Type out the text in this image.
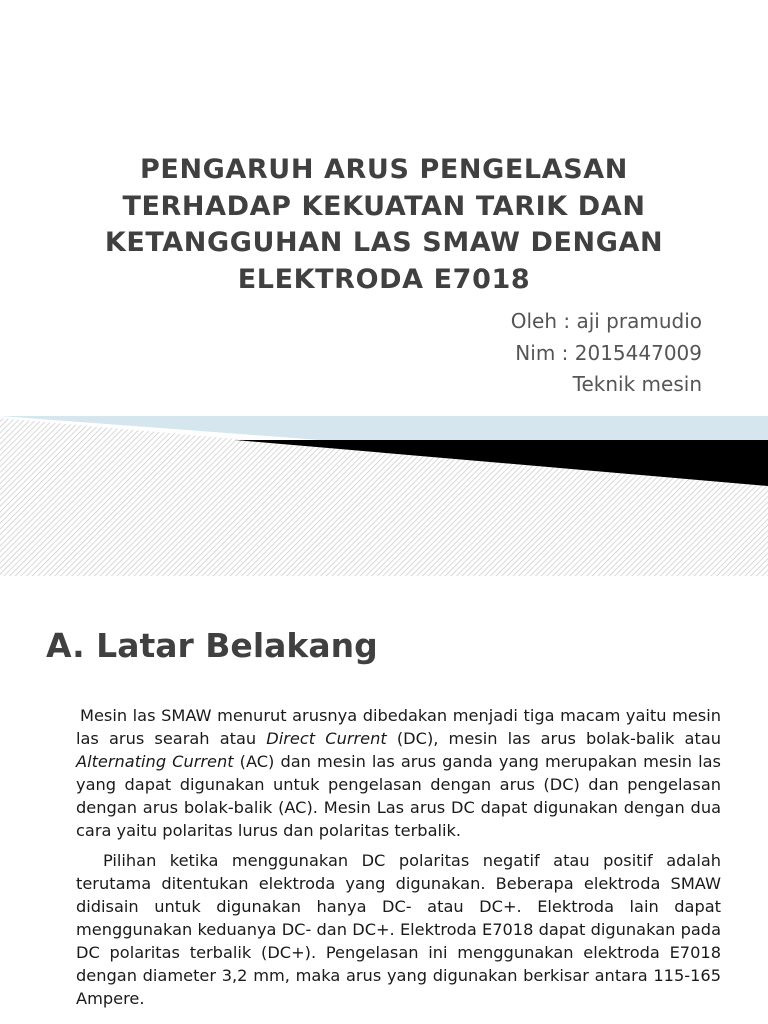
PENGARUH ARUS PENGELASAN
TERHADAP KEKUATAN TARIK DAN
KETANGGUHAN LAS SMAW DENGAN
ELEKTRODA E7018
Oleh : aji pramudio
Nim : 2015447009
Teknik mesin
A. Latar Belakang

Mesin las SMAW menurut arusnya dibedakan menjadi tiga macam yaitu mesin las arus searah atau Direct Current (DC), mesin las arus bolak-balik atau Alternating Current (AC) dan mesin las arus ganda yang merupakan mesin las yang dapat digunakan untuk pengelasan dengan arus (DC) dan pengelasan dengan arus bolak-balik (AC). Mesin Las arus DC dapat digunakan dengan dua cara yaitu polaritas lurus dan polaritas terbalik.

Pilihan ketika menggunakan DC polaritas negatif atau positif adalah terutama ditentukan elektroda yang digunakan. Beberapa elektroda SMAW didisain untuk digunakan hanya DC- atau DC+. Elektroda lain dapat menggunakan keduanya DC- dan DC+. Elektroda E7018 dapat digunakan pada DC polaritas terbalik (DC+). Pengelasan ini menggunakan elektroda E7018 dengan diameter 3,2 mm, maka arus yang digunakan berkisar antara 115-165 Ampere.
